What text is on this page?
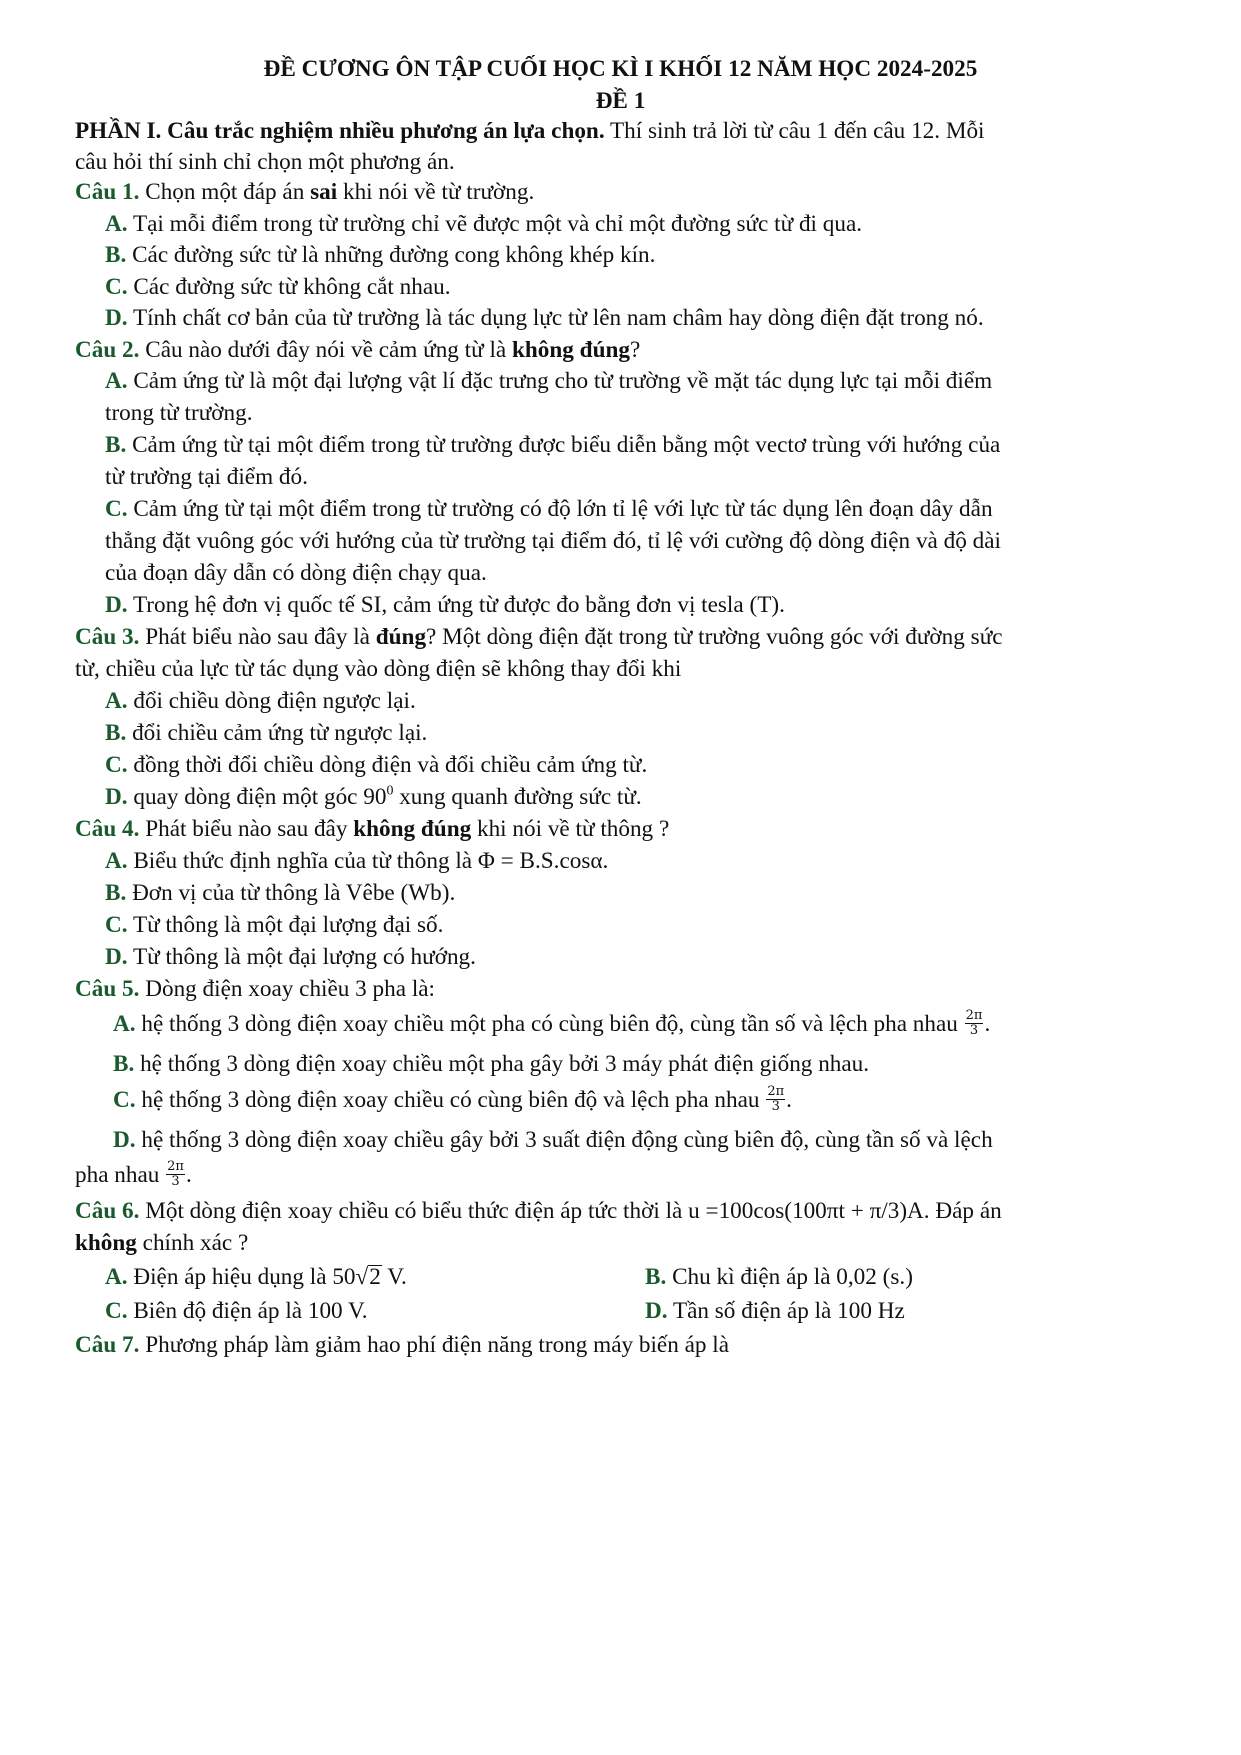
ĐỀ CƯƠNG ÔN TẬP CUỐI HỌC KÌ I KHỐI 12 NĂM HỌC 2024-2025
ĐỀ 1
PHẦN I. Câu trắc nghiệm nhiều phương án lựa chọn. Thí sinh trả lời từ câu 1 đến câu 12. Mỗi
câu hỏi thí sinh chỉ chọn một phương án.
Câu 1. Chọn một đáp án sai khi nói về từ trường.
A. Tại mỗi điểm trong từ trường chỉ vẽ được một và chỉ một đường sức từ đi qua.
B. Các đường sức từ là những đường cong không khép kín.
C. Các đường sức từ không cắt nhau.
D. Tính chất cơ bản của từ trường là tác dụng lực từ lên nam châm hay dòng điện đặt trong nó.
Câu 2. Câu nào dưới đây nói về cảm ứng từ là không đúng?
A. Cảm ứng từ là một đại lượng vật lí đặc trưng cho từ trường về mặt tác dụng lực tại mỗi điểm
trong từ trường.
B. Cảm ứng từ tại một điểm trong từ trường được biểu diễn bằng một vectơ trùng với hướng của
từ trường tại điểm đó.
C. Cảm ứng từ tại một điểm trong từ trường có độ lớn tỉ lệ với lực từ tác dụng lên đoạn dây dẫn
thẳng đặt vuông góc với hướng của từ trường tại điểm đó, tỉ lệ với cường độ dòng điện và độ dài
của đoạn dây dẫn có dòng điện chạy qua.
D. Trong hệ đơn vị quốc tế SI, cảm ứng từ được đo bằng đơn vị tesla (T).
Câu 3. Phát biểu nào sau đây là đúng? Một dòng điện đặt trong từ trường vuông góc với đường sức
từ, chiều của lực từ tác dụng vào dòng điện sẽ không thay đổi khi
A. đổi chiều dòng điện ngược lại.
B. đổi chiều cảm ứng từ ngược lại.
C. đồng thời đổi chiều dòng điện và đổi chiều cảm ứng từ.
D. quay dòng điện một góc $90^0$ xung quanh đường sức từ.
Câu 4. Phát biểu nào sau đây không đúng khi nói về từ thông ?
A. Biểu thức định nghĩa của từ thông là Φ = B.S.cosα.
B. Đơn vị của từ thông là Vêbe (Wb).
C. Từ thông là một đại lượng đại số.
D. Từ thông là một đại lượng có hướng.
Câu 5. Dòng điện xoay chiều 3 pha là:
A. hệ thống 3 dòng điện xoay chiều một pha có cùng biên độ, cùng tần số và lệch pha nhau $\frac{2\pi}{3}$ .
B. hệ thống 3 dòng điện xoay chiều một pha gây bởi 3 máy phát điện giống nhau.
C. hệ thống 3 dòng điện xoay chiều có cùng biên độ và lệch pha nhau $\frac{2\pi}{3}$ .
D. hệ thống 3 dòng điện xoay chiều gây bởi 3 suất điện động cùng biên độ, cùng tần số và lệch
pha nhau $\frac{2\pi}{3}$ .
Câu 6. Một dòng điện xoay chiều có biểu thức điện áp tức thời là u =100cos(100πt + π/3)A. Đáp án
không chính xác ?
A. Điện áp hiệu dụng là 50√2 V.	B. Chu kì điện áp là 0,02 (s.)
C. Biên độ điện áp là 100 V.	D. Tần số điện áp là 100 Hz
Câu 7. Phương pháp làm giảm hao phí điện năng trong máy biến áp là
